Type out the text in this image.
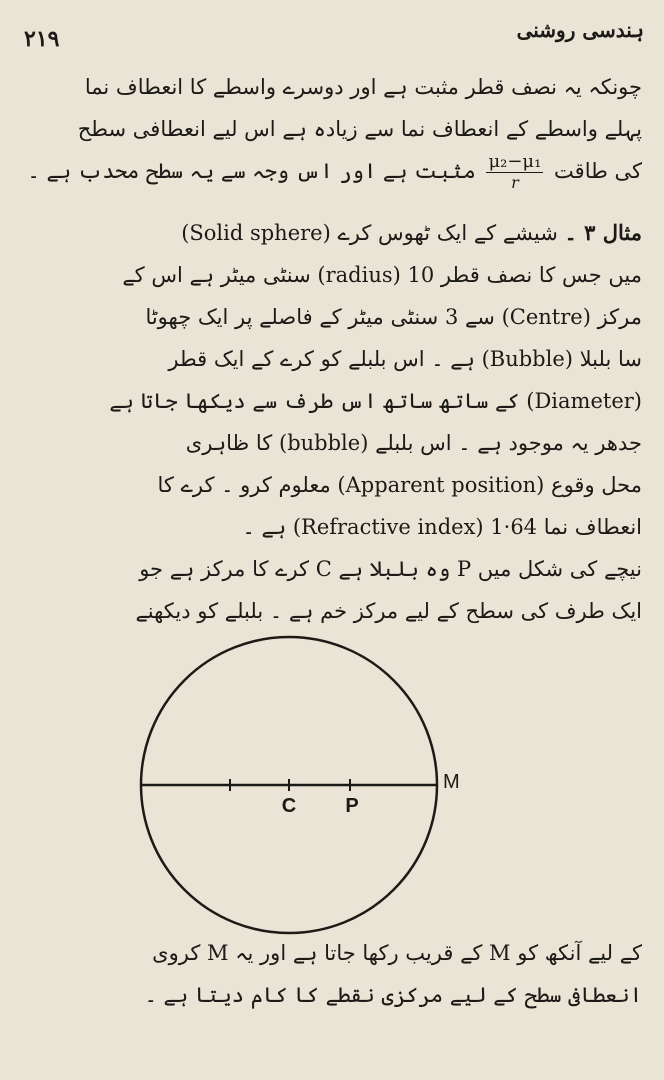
ہندسی روشنی
۲۱۹
چونکہ یہ نصف قطر مثبت ہے اور دوسرے واسطے کا انعطاف نما
پہلے واسطے کے انعطاف نما سے زیادہ ہے اس لیے انعطافی سطح
کی طاقت
$\frac{\text{μ₂−μ₁}}{r}$
مثبت ہے اور اس وجہ سے یہ سطح محدب ہے ۔
مثال ۳ ۔ شیشے کے ایک ٹھوس کرے (Solid sphere)
میں جس کا نصف قطر (radius) 10 سنٹی میٹر ہے اس کے
مرکز (Centre) سے 3 سنٹی میٹر کے فاصلے پر ایک چھوٹا
سا بلبلا (Bubble) ہے ۔ اس بلبلے کو کرے کے ایک قطر
(Diameter) کے ساتھ ساتھ اس طرف سے دیکھا جاتا ہے
جدھر یہ موجود ہے ۔ اس بلبلے (bubble) کا ظاہری
محل وقوع (Apparent position) معلوم کرو ۔ کرے کا
انعطاف نما (Refractive index) 1·64 ہے ۔
نیچے کی شکل میں P وہ بلبلا ہے C کرے کا مرکز ہے جو
ایک طرف کی سطح کے لیے مرکز خم ہے ۔ بلبلے کو دیکھنے
C P
M
کے لیے آنکھ کو M کے قریب رکھا جاتا ہے اور یہ M کروی
انعطافی سطح کے لیے مرکزی نقطے کا کام دیتا ہے ۔
